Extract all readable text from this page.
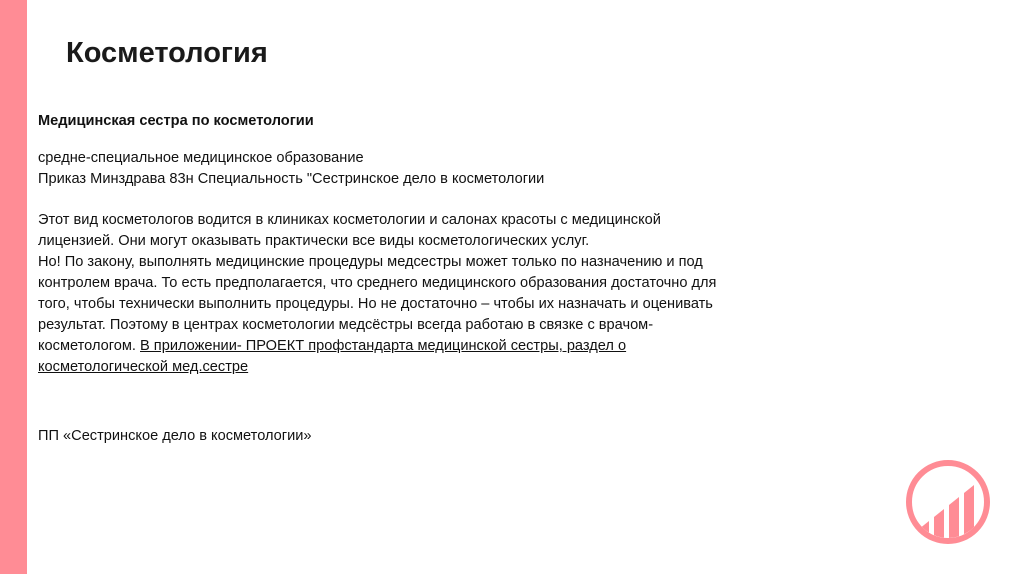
Косметология

Медицинская сестра по косметологии

средне-специальное медицинское образование
Приказ Минздрава 83н Специальность "Сестринское дело в косметологии

Этот вид косметологов водится в клиниках косметологии и салонах красоты с медицинской
лицензией. Они могут оказывать практически все виды косметологических услуг.
Но! По закону, выполнять медицинские процедуры медсестры может только по назначению и под
контролем врача. То есть предполагается, что среднего медицинского образования достаточно для
того, чтобы технически выполнить процедуры. Но не достаточно – чтобы их назначать и оценивать
результат. Поэтому в центрах косметологии медсёстры всегда работаю в связке с врачом-
косметологом. В приложении- ПРОЕКТ профстандарта медицинской сестры, раздел о
косметологической мед.сестре

ПП «Сестринское дело в косметологии»
